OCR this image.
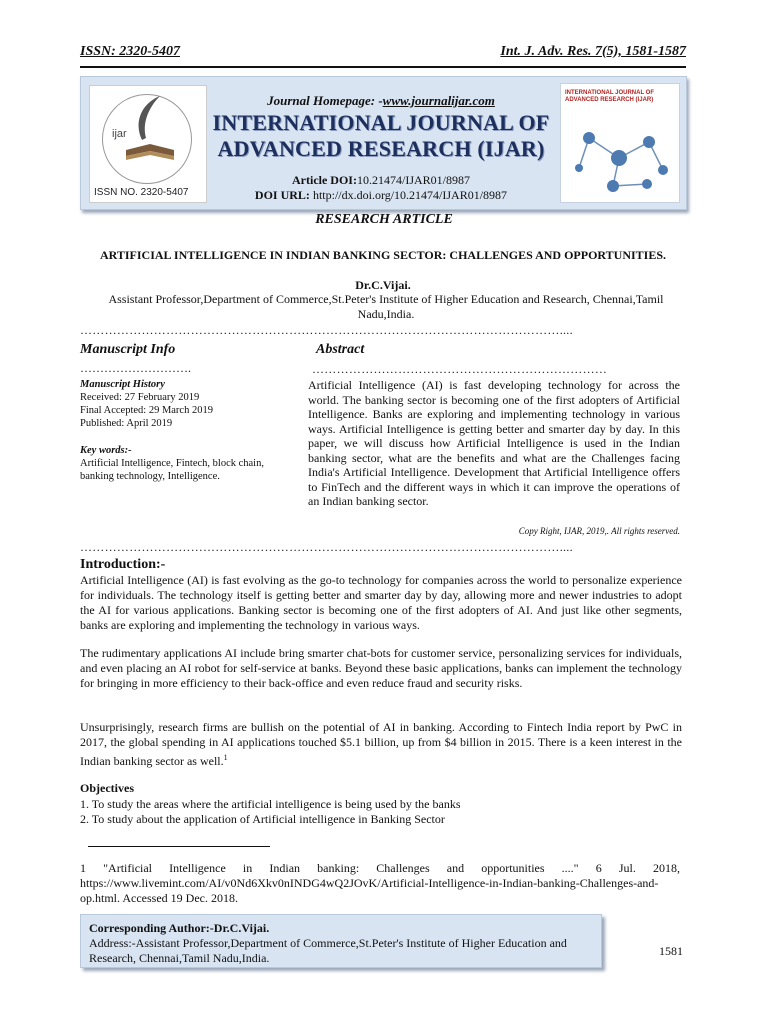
ISSN: 2320-5407	Int. J. Adv. Res. 7(5), 1581-1587
ijar
ISSN NO. 2320-5407
Journal Homepage: -www.journalijar.com
INTERNATIONAL JOURNAL OF
ADVANCED RESEARCH (IJAR)
Article DOI:10.21474/IJAR01/8987
DOI URL: http://dx.doi.org/10.21474/IJAR01/8987
INTERNATIONAL JOURNAL OF ADVANCED RESEARCH (IJAR)
RESEARCH ARTICLE
ARTIFICIAL INTELLIGENCE IN INDIAN BANKING SECTOR: CHALLENGES AND OPPORTUNITIES.
Dr.C.Vijai.
Assistant Professor,Department of Commerce,St.Peter's Institute of Higher Education and Research, Chennai,Tamil Nadu,India.
………………………………………………………………………………………………………....
Manuscript Info	Abstract
……………………….	………………………………………………………………
Manuscript History
Received: 27 February 2019
Final Accepted: 29 March 2019
Published: April 2019
Key words:-
Artificial Intelligence, Fintech, block chain, banking technology, Intelligence.
Artificial Intelligence (AI) is fast developing technology for across the world. The banking sector is becoming one of the first adopters of Artificial Intelligence. Banks are exploring and implementing technology in various ways. Artificial Intelligence is getting better and smarter day by day. In this paper, we will discuss how Artificial Intelligence is used in the Indian banking sector, what are the benefits and what are the Challenges facing India's Artificial Intelligence. Development that Artificial Intelligence offers to FinTech and the different ways in which it can improve the operations of an Indian banking sector.
Copy Right, IJAR, 2019,. All rights reserved.
………………………………………………………………………………………………………....
Introduction:-
Artificial Intelligence (AI) is fast evolving as the go-to technology for companies across the world to personalize experience for individuals. The technology itself is getting better and smarter day by day, allowing more and newer industries to adopt the AI for various applications. Banking sector is becoming one of the first adopters of AI. And just like other segments, banks are exploring and implementing the technology in various ways.
The rudimentary applications AI include bring smarter chat-bots for customer service, personalizing services for individuals, and even placing an AI robot for self-service at banks. Beyond these basic applications, banks can implement the technology for bringing in more efficiency to their back-office and even reduce fraud and security risks.
Unsurprisingly, research firms are bullish on the potential of AI in banking. According to Fintech India report by PwC in 2017, the global spending in AI applications touched $5.1 billion, up from $4 billion in 2015. There is a keen interest in the Indian banking sector as well.$^1$
Objectives
1. To study the areas where the artificial intelligence is being used by the banks
2. To study about the application of Artificial intelligence in Banking Sector
1 "Artificial Intelligence in Indian banking: Challenges and opportunities ...." 6 Jul. 2018, https://www.livemint.com/AI/v0Nd6Xkv0nINDG4wQ2JOvK/Artificial-Intelligence-in-Indian-banking-Challenges-and-op.html. Accessed 19 Dec. 2018.
Corresponding Author:-Dr.C.Vijai.
Address:-Assistant Professor,Department of Commerce,St.Peter's Institute of Higher Education and Research, Chennai,Tamil Nadu,India.	1581
